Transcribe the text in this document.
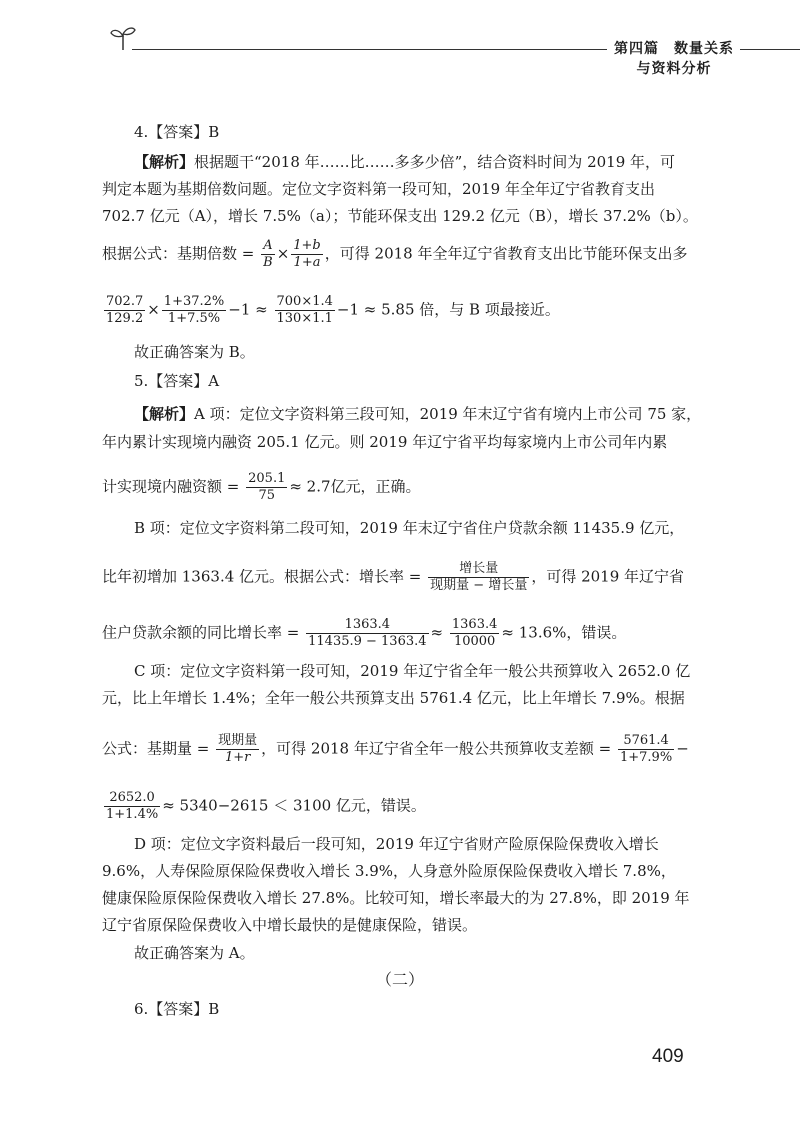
第四篇　数量关系与资料分析
4.【答案】B
【解析】根据题干“2018 年……比……多多少倍”，结合资料时间为 2019 年，可
判定本题为基期倍数问题。定位文字资料第一段可知，2019 年全年辽宁省教育支出
702.7 亿元（A），增长 7.5%（a）；节能环保支出 129.2 亿元（B），增长 37.2%（b）。
根据公式：基期倍数 = $\frac{A}{B} \times \frac{1+b}{1+a}$ ，可得 2018 年全年辽宁省教育支出比节能环保支出多
$\frac{702.7}{129.2} \times \frac{1+37.2\%}{1+7.5\%} -1 \approx \frac{700\times 1.4}{130\times 1.1} -1 \approx 5.85$ 倍，与 B 项最接近。
故正确答案为 B。
5.【答案】A
【解析】A 项：定位文字资料第三段可知，2019 年末辽宁省有境内上市公司 75 家，
年内累计实现境内融资 205.1 亿元。则 2019 年辽宁省平均每家境内上市公司年内累
计实现境内融资额 = $\frac{205.1}{75} \approx 2.7$亿元，正确。
B 项：定位文字资料第二段可知，2019 年末辽宁省住户贷款余额 11435.9 亿元，
比年初增加 1363.4 亿元。根据公式：增长率 = $\frac{\text{增长量}}{\text{现期量 − 增长量}}$ ，可得 2019 年辽宁省
住户贷款余额的同比增长率 = $\frac{1363.4}{11435.9 - 1363.4} \approx \frac{1363.4}{10000} \approx 13.6\%$，错误。
C 项：定位文字资料第一段可知，2019 年辽宁省全年一般公共预算收入 2652.0 亿
元，比上年增长 1.4%；全年一般公共预算支出 5761.4 亿元，比上年增长 7.9%。根据
公式：基期量 = $\frac{\text{现期量}}{1+r}$ ，可得 2018 年辽宁省全年一般公共预算收支差额 = $\frac{5761.4}{1+7.9\%}$ −
$\frac{2652.0}{1+1.4\%} \approx 5340-2615 < 3100$ 亿元，错误。
D 项：定位文字资料最后一段可知，2019 年辽宁省财产险原保险保费收入增长
9.6%，人寿保险原保险保费收入增长 3.9%，人身意外险原保险保费收入增长 7.8%，
健康保险原保险保费收入增长 27.8%。比较可知，增长率最大的为 27.8%，即 2019 年
辽宁省原保险保费收入中增长最快的是健康保险，错误。
故正确答案为 A。
（二）
6.【答案】B
409
